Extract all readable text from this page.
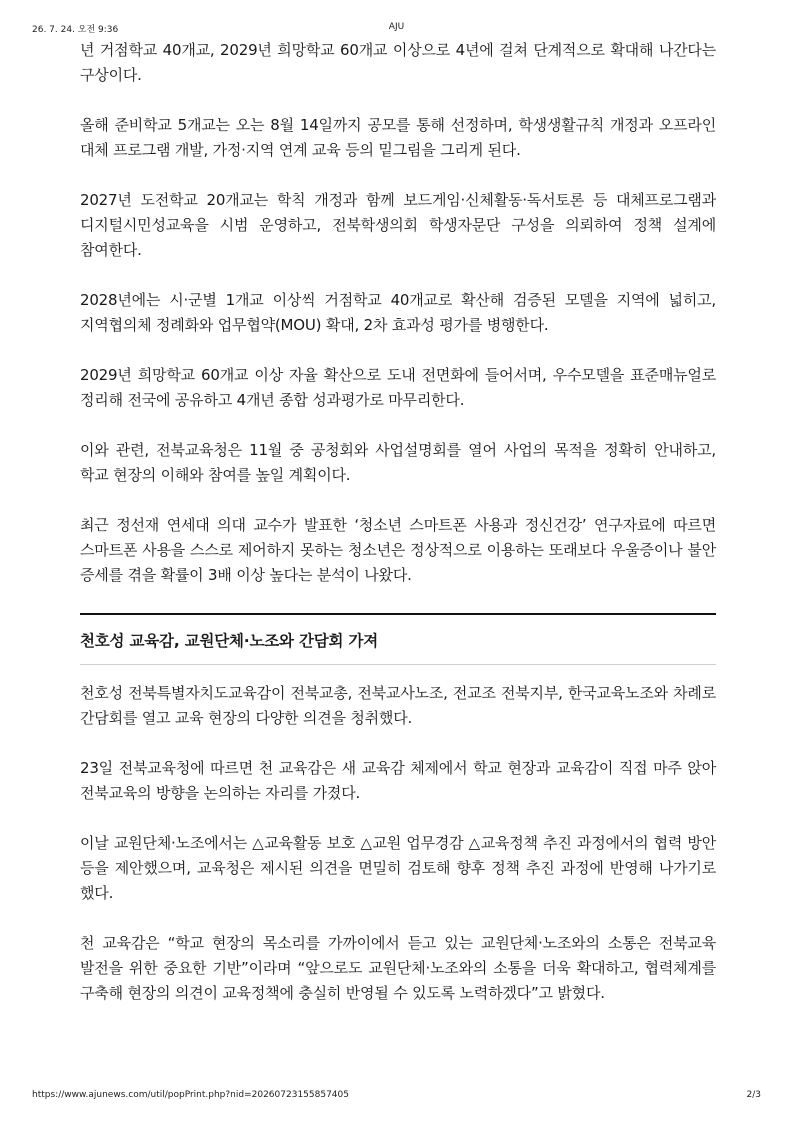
26. 7. 24. 오전 9:36	AJU

년 거점학교 40개교, 2029년 희망학교 60개교 이상으로 4년에 걸쳐 단계적으로 확대해 나간다는 구상이다.

올해 준비학교 5개교는 오는 8월 14일까지 공모를 통해 선정하며, 학생생활규칙 개정과 오프라인 대체 프로그램 개발, 가정·지역 연계 교육 등의 밑그림을 그리게 된다.

2027년 도전학교 20개교는 학칙 개정과 함께 보드게임·신체활동·독서토론 등 대체프로그램과 디지털시민성교육을 시범 운영하고, 전북학생의회 학생자문단 구성을 의뢰하여 정책 설계에 참여한다.

2028년에는 시·군별 1개교 이상씩 거점학교 40개교로 확산해 검증된 모델을 지역에 넓히고, 지역협의체 정례화와 업무협약(MOU) 확대, 2차 효과성 평가를 병행한다.

2029년 희망학교 60개교 이상 자율 확산으로 도내 전면화에 들어서며, 우수모델을 표준매뉴얼로 정리해 전국에 공유하고 4개년 종합 성과평가로 마무리한다.

이와 관련, 전북교육청은 11월 중 공청회와 사업설명회를 열어 사업의 목적을 정확히 안내하고, 학교 현장의 이해와 참여를 높일 계획이다.

최근 정선재 연세대 의대 교수가 발표한 ‘청소년 스마트폰 사용과 정신건강’ 연구자료에 따르면 스마트폰 사용을 스스로 제어하지 못하는 청소년은 정상적으로 이용하는 또래보다 우울증이나 불안 증세를 겪을 확률이 3배 이상 높다는 분석이 나왔다.

천호성 교육감, 교원단체·노조와 간담회 가져

천호성 전북특별자치도교육감이 전북교총, 전북교사노조, 전교조 전북지부, 한국교육노조와 차례로 간담회를 열고 교육 현장의 다양한 의견을 청취했다.

23일 전북교육청에 따르면 천 교육감은 새 교육감 체제에서 학교 현장과 교육감이 직접 마주 앉아 전북교육의 방향을 논의하는 자리를 가졌다.

이날 교원단체·노조에서는 △교육활동 보호 △교원 업무경감 △교육정책 추진 과정에서의 협력 방안 등을 제안했으며, 교육청은 제시된 의견을 면밀히 검토해 향후 정책 추진 과정에 반영해 나가기로 했다.

천 교육감은 “학교 현장의 목소리를 가까이에서 듣고 있는 교원단체·노조와의 소통은 전북교육 발전을 위한 중요한 기반”이라며 “앞으로도 교원단체·노조와의 소통을 더욱 확대하고, 협력체계를 구축해 현장의 의견이 교육정책에 충실히 반영될 수 있도록 노력하겠다”고 밝혔다.

https://www.ajunews.com/util/popPrint.php?nid=20260723155857405	2/3
